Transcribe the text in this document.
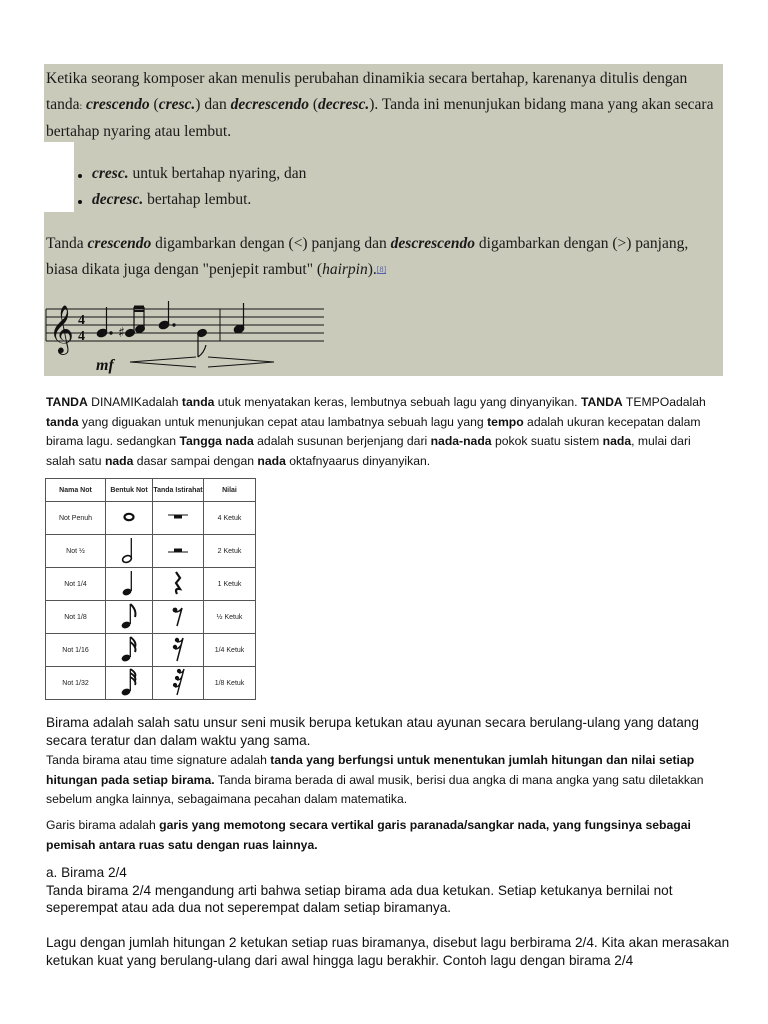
Ketika seorang komposer akan menulis perubahan dinamikia secara bertahap, karenanya ditulis dengan tanda: crescendo (cresc.) dan decrescendo (decresc.). Tanda ini menunjukan bidang mana yang akan secara bertahap nyaring atau lembut.

cresc. untuk bertahap nyaring, dan
decresc. bertahap lembut.

Tanda crescendo digambarkan dengan (<) panjang dan descrescendo digambarkan dengan (>) panjang, biasa dikata juga dengan "penjepit rambut" (hairpin).[8]

𝄞 4
4 ♯
mf

TANDA DINAMIKadalah tanda utuk menyatakan keras, lembutnya sebuah lagu yang dinyanyikan. TANDA TEMPOadalah tanda yang diguakan untuk menunjukan cepat atau lambatnya sebuah lagu yang tempo adalah ukuran kecepatan dalam birama lagu. sedangkan Tangga nada adalah susunan berjenjang dari nada-nada pokok suatu sistem nada, mulai dari salah satu nada dasar sampai dengan nada oktafnyaarus dinyanyikan.

Nama Not	Bentuk Not	Tanda Istirahat	Nilai
Not Penuh			4 Ketuk
Not ½			2 Ketuk
Not 1/4			1 Ketuk
Not 1/8			½ Ketuk
Not 1/16			1/4 Ketuk
Not 1/32			1/8 Ketuk

Birama adalah salah satu unsur seni musik berupa ketukan atau ayunan secara berulang-ulang yang datang secara teratur dan dalam waktu yang sama.

Tanda birama atau time signature adalah tanda yang berfungsi untuk menentukan jumlah hitungan dan nilai setiap hitungan pada setiap birama. Tanda birama berada di awal musik, berisi dua angka di mana angka yang satu diletakkan sebelum angka lainnya, sebagaimana pecahan dalam matematika.

Garis birama adalah garis yang memotong secara vertikal garis paranada/sangkar nada, yang fungsinya sebagai pemisah antara ruas satu dengan ruas lainnya.

a. Birama 2/4
Tanda birama 2/4 mengandung arti bahwa setiap birama ada dua ketukan. Setiap ketukanya bernilai not seperempat atau ada dua not seperempat dalam setiap biramanya.

Lagu dengan jumlah hitungan 2 ketukan setiap ruas biramanya, disebut lagu berbirama 2/4. Kita akan merasakan ketukan kuat yang berulang-ulang dari awal hingga lagu berakhir. Contoh lagu dengan birama 2/4
